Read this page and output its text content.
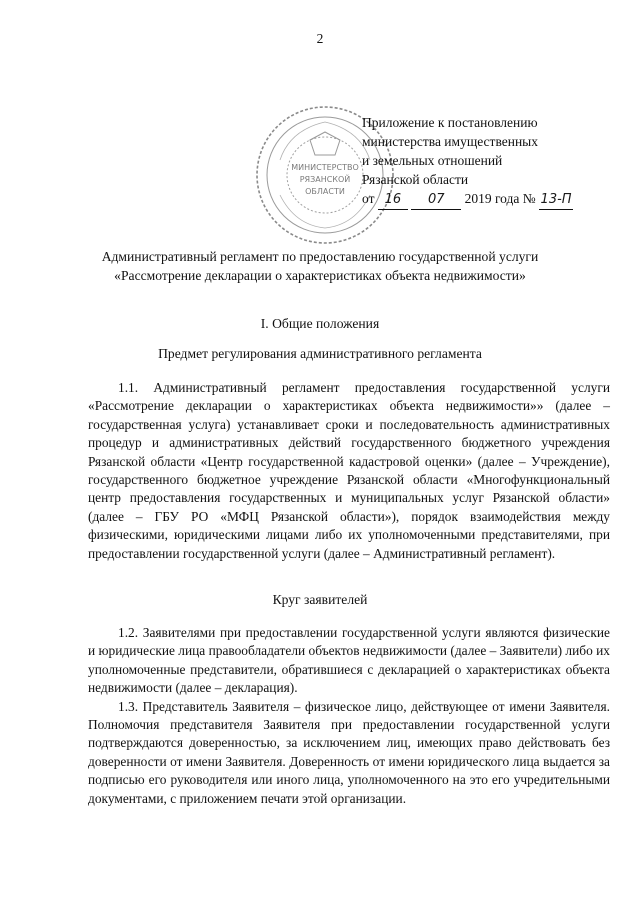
2
МИНИСТЕРСТВО
РЯЗАНСКОЙ
ОБЛАСТИ
Приложение к постановлению
министерства имущественных
и земельных отношений
Рязанской области
от 16 07 2019 года № 13-П
Административный регламент по предоставлению государственной услуги
«Рассмотрение декларации о характеристиках объекта недвижимости»
I. Общие положения
Предмет регулирования административного регламента

1.1. Административный регламент предоставления государственной услуги «Рассмотрение декларации о характеристиках объекта недвижимости»» (далее – государственная услуга) устанавливает сроки и последовательность административных процедур и административных действий государственного бюджетного учреждения Рязанской области «Центр государственной кадастровой оценки» (далее – Учреждение), государственного бюджетное учреждение Рязанской области «Многофункциональный центр предоставления государственных и муниципальных услуг Рязанской области» (далее – ГБУ РО «МФЦ Рязанской области»), порядок взаимодействия между физическими, юридическими лицами либо их уполномоченными представителями, при предоставлении государственной услуги (далее – Административный регламент).

Круг заявителей

1.2. Заявителями при предоставлении государственной услуги являются физические и юридические лица правообладатели объектов недвижимости (далее – Заявители) либо их уполномоченные представители, обратившиеся с декларацией о характеристиках объекта недвижимости (далее – декларация).

1.3. Представитель Заявителя – физическое лицо, действующее от имени Заявителя. Полномочия представителя Заявителя при предоставлении государственной услуги подтверждаются доверенностью, за исключением лиц, имеющих право действовать без доверенности от имени Заявителя. Доверенность от имени юридического лица выдается за подписью его руководителя или иного лица, уполномоченного на это его учредительными документами, с приложением печати этой организации.
